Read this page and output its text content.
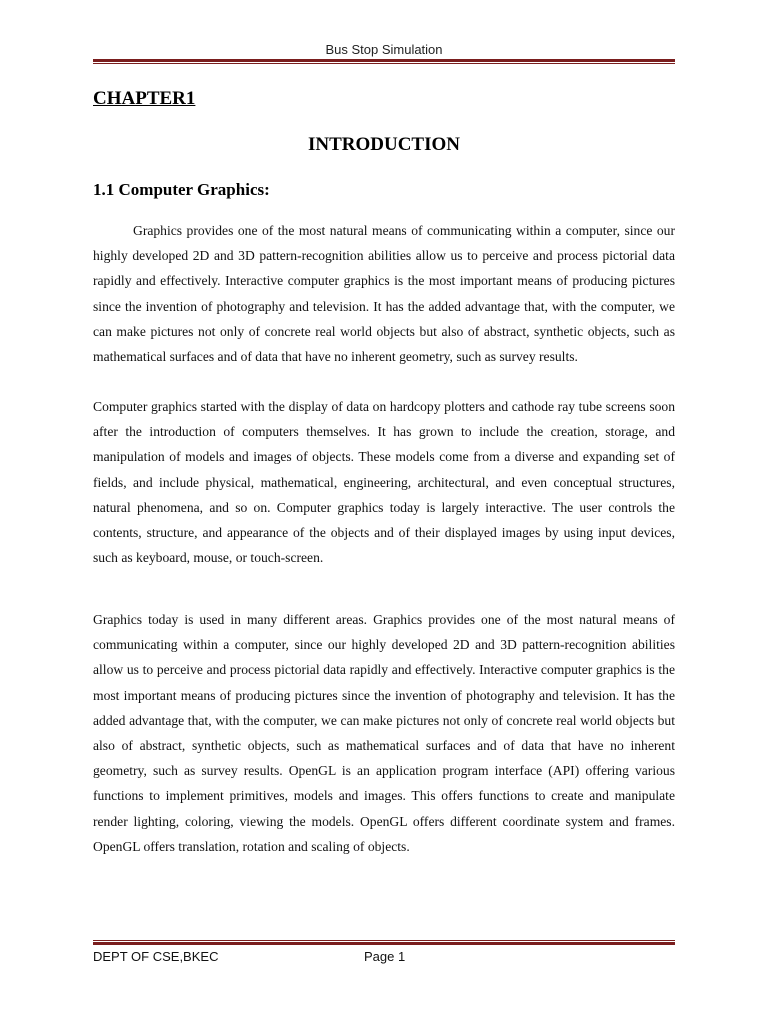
Bus Stop Simulation
CHAPTER1
INTRODUCTION
1.1 Computer Graphics:
Graphics provides one of the most natural means of communicating within a computer, since our highly developed 2D and 3D pattern-recognition abilities allow us to perceive and process pictorial data rapidly and effectively. Interactive computer graphics is the most important means of producing pictures since the invention of photography and television. It has the added advantage that, with the computer, we can make pictures not only of concrete real world objects but also of abstract, synthetic objects, such as mathematical surfaces and of data that have no inherent geometry, such as survey results.
Computer graphics started with the display of data on hardcopy plotters and cathode ray tube screens soon after the introduction of computers themselves. It has grown to include the creation, storage, and manipulation of models and images of objects. These models come from a diverse and expanding set of fields, and include physical, mathematical, engineering, architectural, and even conceptual structures, natural phenomena, and so on. Computer graphics today is largely interactive. The user controls the contents, structure, and appearance of the objects and of their displayed images by using input devices, such as keyboard, mouse, or touch-screen.
Graphics today is used in many different areas. Graphics provides one of the most natural means of communicating within a computer, since our highly developed 2D and 3D pattern-recognition abilities allow us to perceive and process pictorial data rapidly and effectively. Interactive computer graphics is the most important means of producing pictures since the invention of photography and television. It has the added advantage that, with the computer, we can make pictures not only of concrete real world objects but also of abstract, synthetic objects, such as mathematical surfaces and of data that have no inherent geometry, such as survey results. OpenGL is an application program interface (API) offering various functions to implement primitives, models and images. This offers functions to create and manipulate render lighting, coloring, viewing the models. OpenGL offers different coordinate system and frames. OpenGL offers translation, rotation and scaling of objects.
DEPT OF CSE,BKEC	Page 1
